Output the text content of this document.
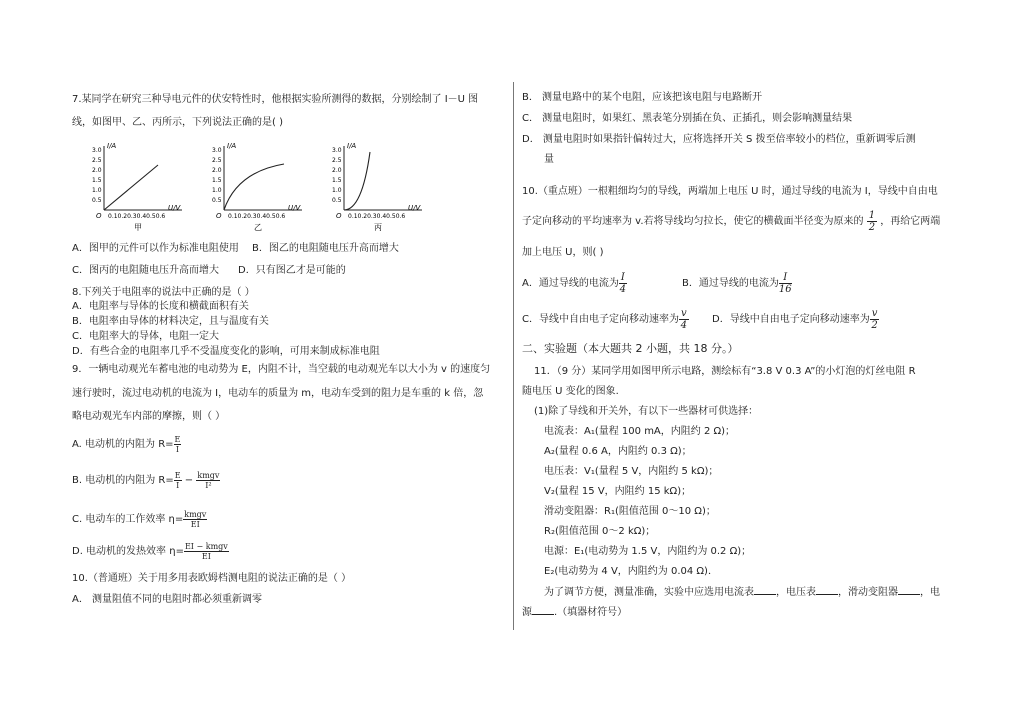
7.某同学在研究三种导电元件的伏安特性时，他根据实验所测得的数据，分别绘制了 I－U 图
线，如图甲、乙、丙所示，下列说法正确的是( )
I/A
3.0
2.5
2.0
1.5
1.0
0.5
O 0.10.20.30.40.50.6
U/V
甲
I/A
3.0
2.5
2.0
1.5
1.0
0.5
O 0.10.20.30.40.50.6
U/V
乙
I/A
3.0
2.5
2.0
1.5
1.0
0.5
O 0.10.20.30.40.50.6
U/V
丙
A．图甲的元件可以作为标准电阻使用 B．图乙的电阻随电压升高而增大
C．图丙的电阻随电压升高而增大 D．只有图乙才是可能的
8.下列关于电阻率的说法中正确的是（ ）
A．电阻率与导体的长度和横截面积有关
B．电阻率由导体的材料决定，且与温度有关
C．电阻率大的导体，电阻一定大
D．有些合金的电阻率几乎不受温度变化的影响，可用来制成标准电阻
9．一辆电动观光车蓄电池的电动势为 E，内阻不计，当空载的电动观光车以大小为 v 的速度匀
速行驶时，流过电动机的电流为 I，电动车的质量为 m，电动车受到的阻力是车重的 k 倍，忽
略电动观光车内部的摩擦，则（ ）
A. 电动机的内阻为 $R= \frac{E}{I}$
B. 电动机的内阻为 $R= \frac{E}{I}$ − kmgv
I²
C. 电动车的工作效率 η= kmgv
EI
D. 电动机的发热效率 η= EI − kmgv
EI
10.（普通班）关于用多用表欧姆档测电阻的说法正确的是（ ）
A． 测量阻值不同的电阻时都必须重新调零
B． 测量电路中的某个电阻，应该把该电阻与电路断开
C． 测量电阻时，如果红、黑表笔分别插在负、正插孔，则会影响测量结果
D． 测量电阻时如果指针偏转过大，应将选择开关 S 拨至倍率较小的档位，重新调零后测
量
10.（重点班）一根粗细均匀的导线，两端加上电压 U 时，通过导线的电流为 I，导线中自由电
子定向移动的平均速率为 v.若将导线均匀拉长，使它的横截面半径变为原来的 $\frac{1}{2}$ ，再给它两端
加上电压 U，则( )
A．通过导线的电流为 $\frac{I}{4}$	B．通过导线的电流为 $\frac{I}{16}$
C．导线中自由电子定向移动速率为 $\frac{v}{4}$ D．导线中自由电子定向移动速率为 $\frac{v}{2}$
二、实验题（本大题共 2 小题，共 18 分。）
11．（9 分）某同学用如图甲所示电路，测绘标有“3.8 V 0.3 A”的小灯泡的灯丝电阻 R
随电压 U 变化的图象.
(1)除了导线和开关外，有以下一些器材可供选择：
电流表：A₁(量程 100 mA，内阻约 2 Ω)；
A₂(量程 0.6 A，内阻约 0.3 Ω)；
电压表：V₁(量程 5 V，内阻约 5 kΩ)；
V₂(量程 15 V，内阻约 15 kΩ)；
滑动变阻器：R₁(阻值范围 0～10 Ω)；
R₂(阻值范围 0～2 kΩ)；
电源：E₁(电动势为 1.5 V，内阻约为 0.2 Ω)；
E₂(电动势为 4 V，内阻约为 0.04 Ω)．
为了调节方便，测量准确，实验中应选用电流表 ，电压表 ，滑动变阻器 ，电
源 .（填器材符号）
